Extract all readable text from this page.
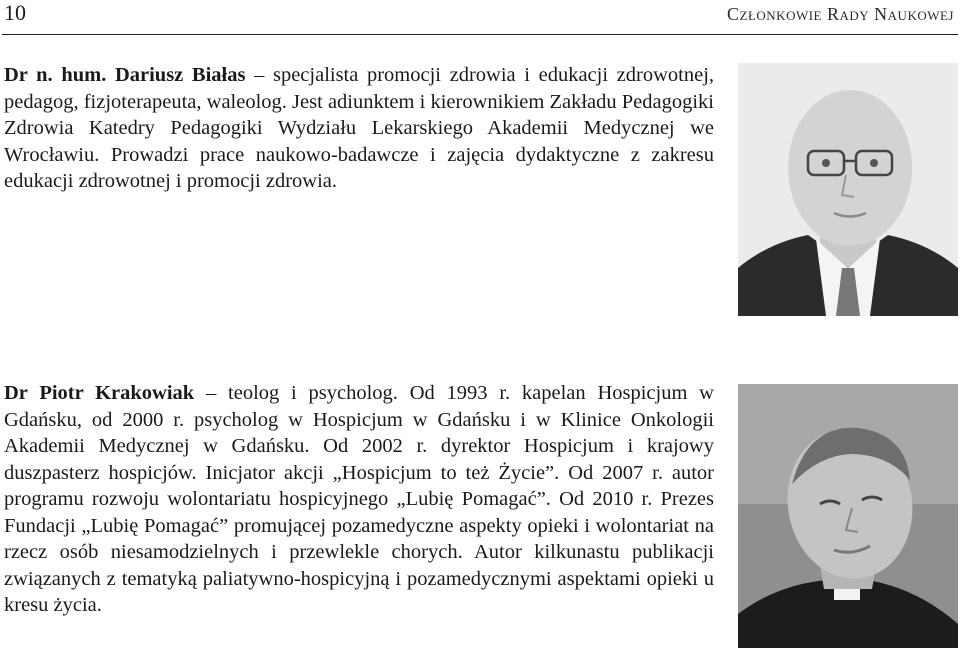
10	Członkowie Rady Naukowej

Dr n. hum. Dariusz Białas – specjalista promocji zdrowia i edukacji zdrowotnej, pedagog, fizjoterapeuta, waleolog. Jest adiunktem i kierownikiem Zakładu Pedagogiki Zdrowia Katedry Pedagogiki Wydziału Lekarskiego Akademii Medycznej we Wrocławiu. Prowadzi prace naukowo-badawcze i zajęcia dydaktyczne z zakresu edukacji zdrowotnej i promocji zdrowia.

Dr Piotr Krakowiak – teolog i psycholog. Od 1993 r. kapelan Hospicjum w Gdańsku, od 2000 r. psycholog w Hospicjum w Gdańsku i w Klinice Onkologii Akademii Medycznej w Gdańsku. Od 2002 r. dyrektor Hospicjum i krajowy duszpasterz hospicjów. Inicjator akcji „Hospicjum to też Życie”. Od 2007 r. autor programu rozwoju wolontariatu hospicyjnego „Lubię Pomagać”. Od 2010 r. Prezes Fundacji „Lubię Pomagać” promującej pozamedyczne aspekty opieki i wolontariat na rzecz osób niesamodzielnych i przewlekle chorych. Autor kilkunastu publikacji związanych z tematyką paliatywno-hospicyjną i pozamedycznymi aspektami opieki u kresu życia.
